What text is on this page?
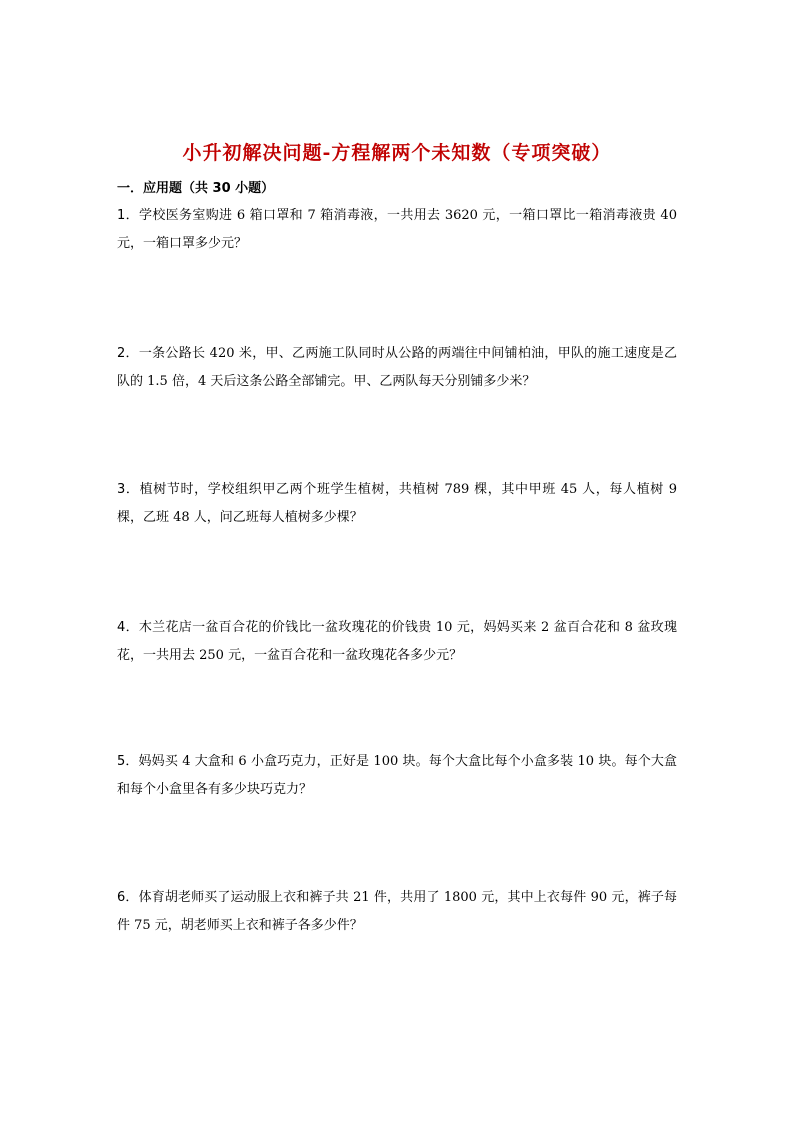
小升初解决问题-方程解两个未知数（专项突破）
一．应用题（共 30 小题）
1．学校医务室购进 6 箱口罩和 7 箱消毒液，一共用去 3620 元，一箱口罩比一箱消毒液贵 40 元，一箱口罩多少元？
2．一条公路长 420 米，甲、乙两施工队同时从公路的两端往中间铺柏油，甲队的施工速度是乙队的 1.5 倍，4 天后这条公路全部铺完。甲、乙两队每天分别铺多少米？
3．植树节时，学校组织甲乙两个班学生植树，共植树 789 棵，其中甲班 45 人，每人植树 9 棵，乙班 48 人，问乙班每人植树多少棵？
4．木兰花店一盆百合花的价钱比一盆玫瑰花的价钱贵 10 元，妈妈买来 2 盆百合花和 8 盆玫瑰花，一共用去 250 元，一盆百合花和一盆玫瑰花各多少元？
5．妈妈买 4 大盒和 6 小盒巧克力，正好是 100 块。每个大盒比每个小盒多装 10 块。每个大盒和每个小盒里各有多少块巧克力？
6．体育胡老师买了运动服上衣和裤子共 21 件，共用了 1800 元，其中上衣每件 90 元，裤子每件 75 元，胡老师买上衣和裤子各多少件？
